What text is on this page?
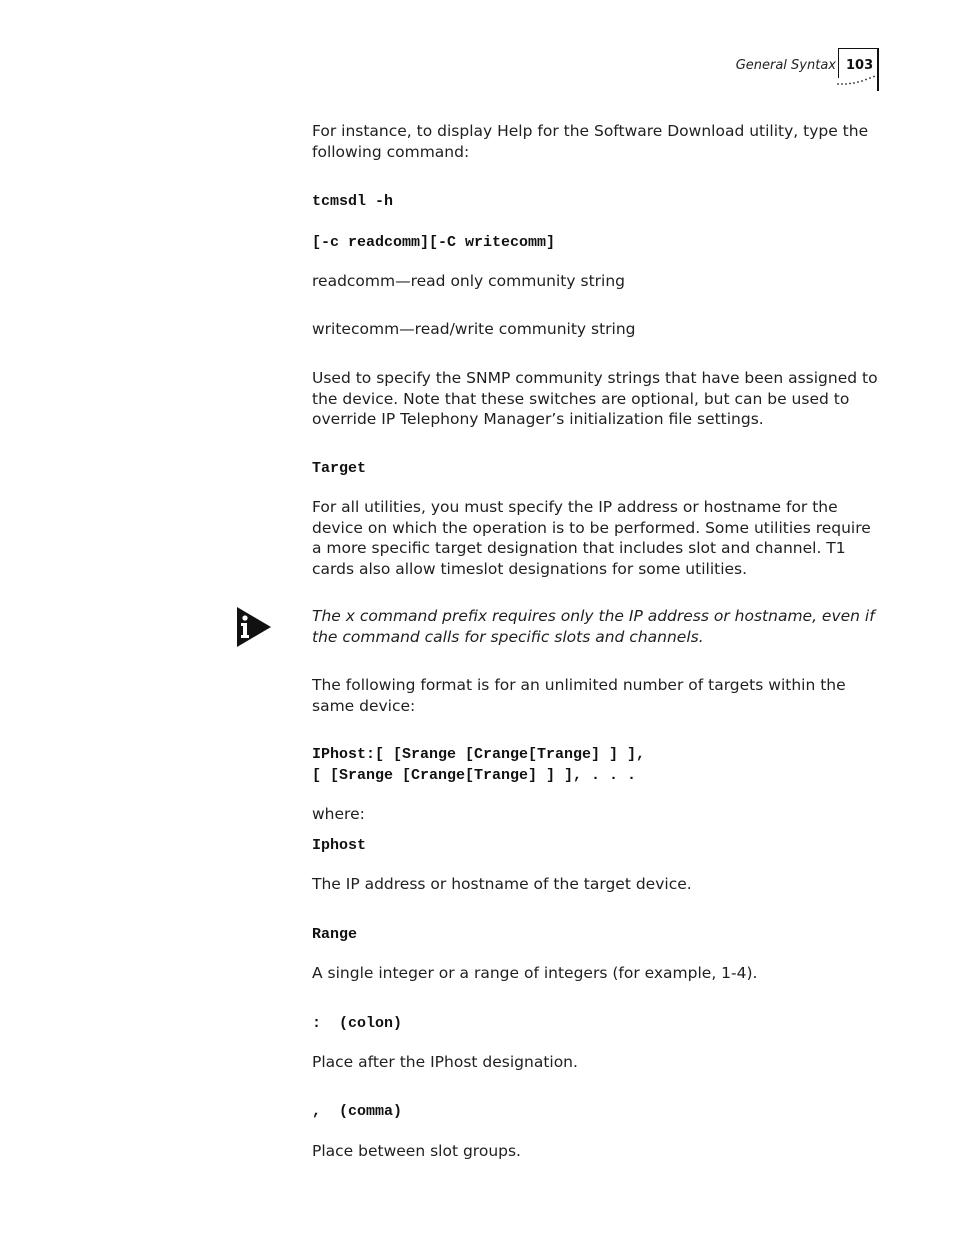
General Syntax 103
For instance, to display Help for the Software Download utility, type the following command:
tcmsdl -h
[-c readcomm][-C writecomm]
readcomm—read only community string
writecomm—read/write community string
Used to specify the SNMP community strings that have been assigned to the device. Note that these switches are optional, but can be used to override IP Telephony Manager’s initialization file settings.
Target
For all utilities, you must specify the IP address or hostname for the device on which the operation is to be performed. Some utilities require a more specific target designation that includes slot and channel. T1 cards also allow timeslot designations for some utilities.
The x command prefix requires only the IP address or hostname, even if the command calls for specific slots and channels.
The following format is for an unlimited number of targets within the same device:
IPhost:[ [Srange [Crange[Trange] ] ],
[ [Srange [Crange[Trange] ] ], . . .
where:
Iphost
The IP address or hostname of the target device.
Range
A single integer or a range of integers (for example, 1-4).
:  (colon)
Place after the IPhost designation.
,  (comma)
Place between slot groups.
